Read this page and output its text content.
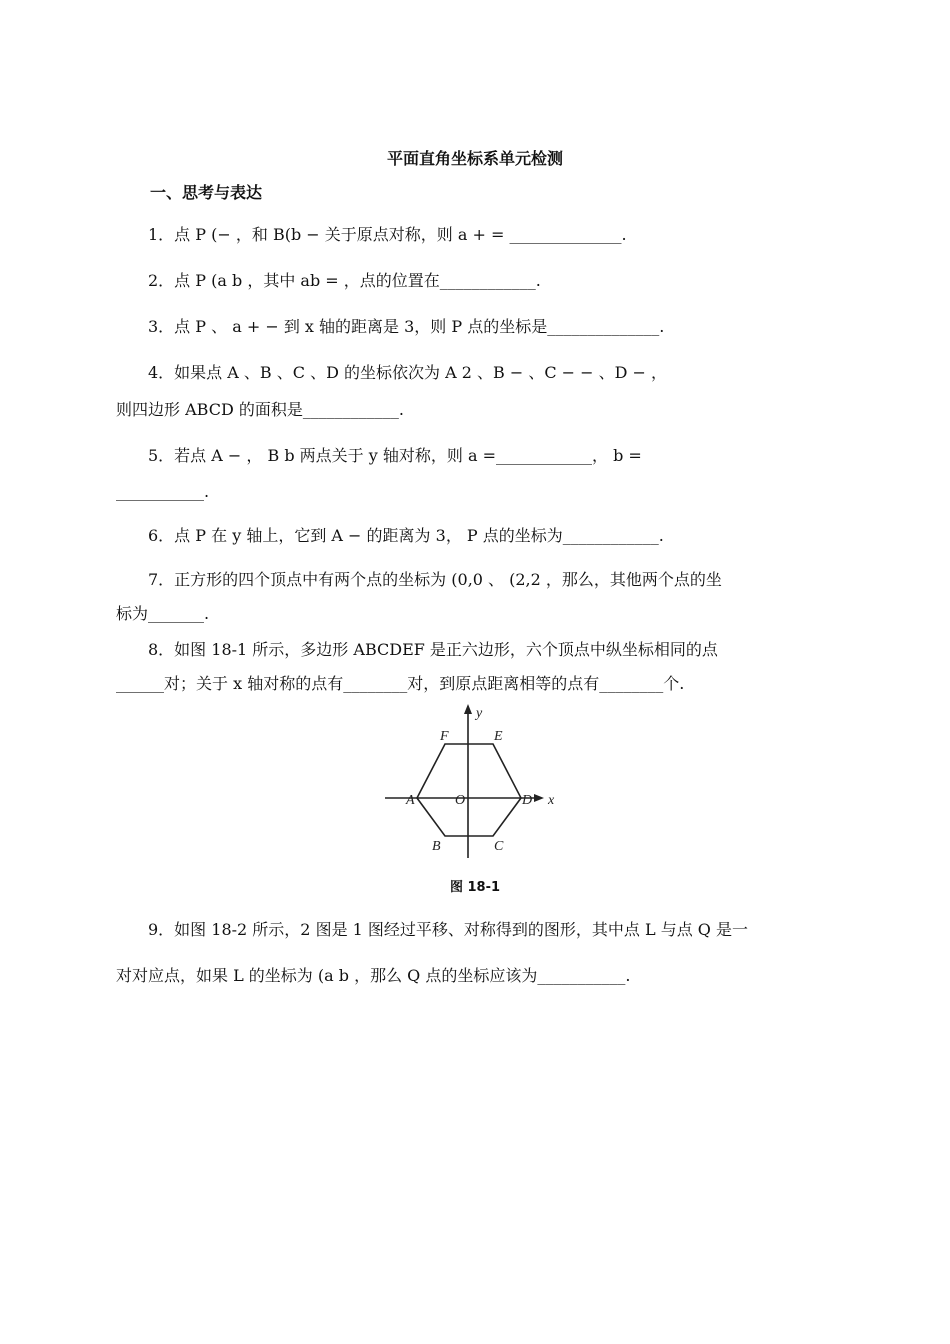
平面直角坐标系单元检测
一、思考与表达
1．点 P (− ，和 B(b − 关于原点对称，则 a + = ______________.
2．点 P (a b ，其中 ab = ，点的位置在____________.
3．点 P 、 a + − 到 x 轴的距离是 3，则 P 点的坐标是______________.
4．如果点 A 、B 、C 、D 的坐标依次为 A 2 、B − 、C − − 、D − ，
则四边形 ABCD 的面积是____________.
5．若点 A − ， B b 两点关于 y 轴对称，则 a =____________， b =
___________.
6．点 P 在 y 轴上，它到 A − 的距离为 3， P 点的坐标为____________.
7．正方形的四个顶点中有两个点的坐标为 (0,0 、 (2,2 ，那么，其他两个点的坐
标为_______.
8．如图 18-1 所示，多边形 ABCDEF 是正六边形，六个顶点中纵坐标相同的点
______对；关于 x 轴对称的点有________对，到原点距离相等的点有________个.
y
x
O
A	D
F	E
B	C
图 18-1
9．如图 18-2 所示，2 图是 1 图经过平移、对称得到的图形，其中点 L 与点 Q 是一
对对应点，如果 L 的坐标为 (a b ，那么 Q 点的坐标应该为___________.
